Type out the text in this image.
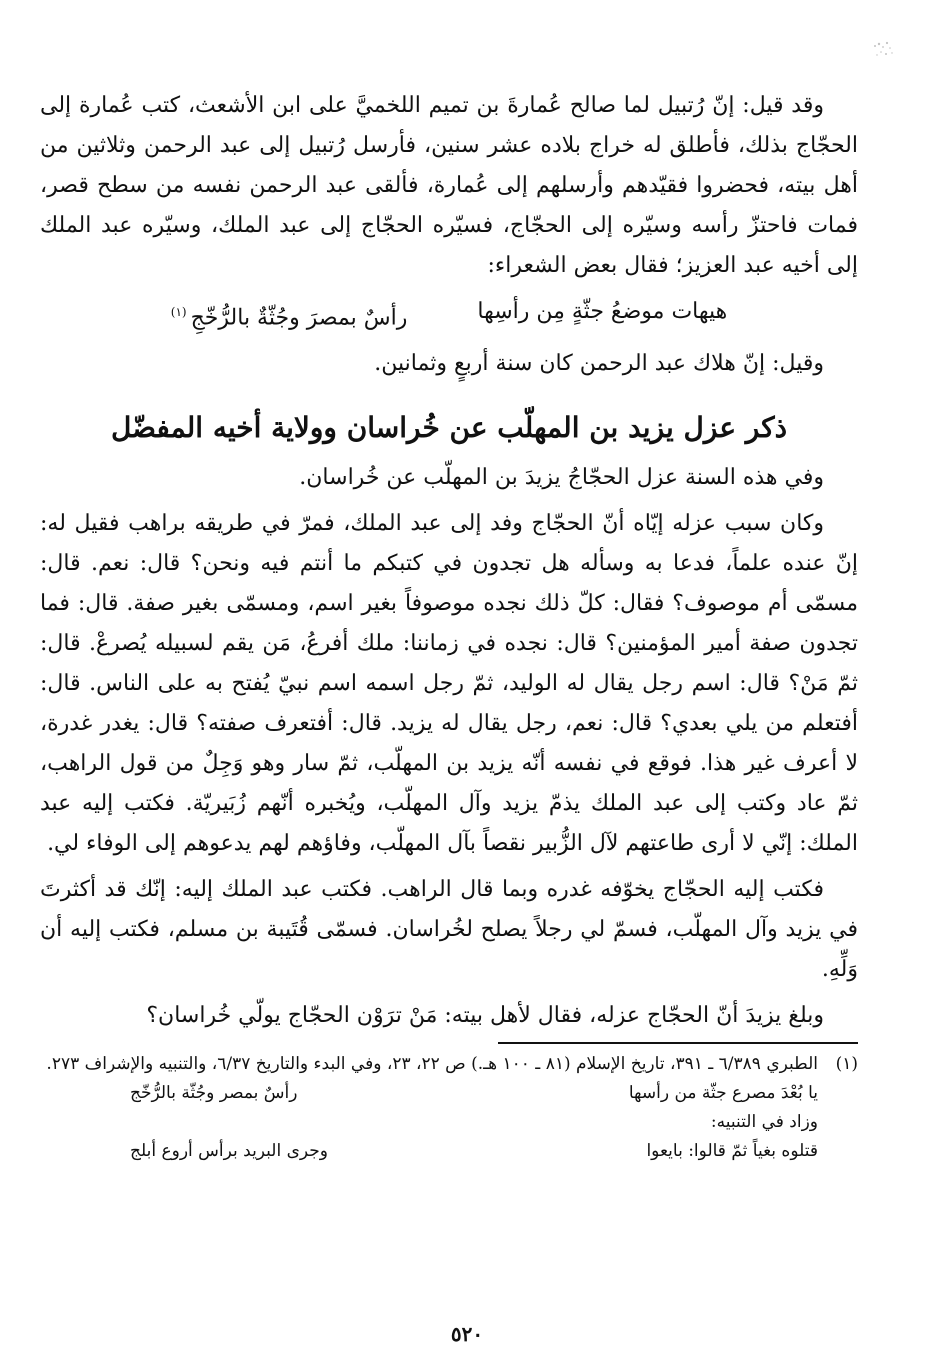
وقد قيل: إنّ رُتبيل لما صالح عُمارةَ بن تميم اللخميَّ على ابن الأشعث، كتب عُمارة إلى الحجّاج بذلك، فأطلق له خراج بلاده عشر سنين، فأرسل رُتبيل إلى عبد الرحمن وثلاثين من أهل بيته، فحضروا فقيّدهم وأرسلهم إلى عُمارة، فألقى عبد الرحمن نفسه من سطح قصر، فمات فاحتزّ رأسه وسيّره إلى الحجّاج، فسيّره الحجّاج إلى عبد الملك، وسيّره عبد الملك إلى أخيه عبد العزيز؛ فقال بعض الشعراء:

هيهات موضعُ جثّةٍ مِن رأسِها
رأسٌ بمصرَ وجُثّةٌ بالرُّخّجِ$^{(١)}$

وقيل: إنّ هلاك عبد الرحمن كان سنة أربعٍ وثمانين.

ذكر عزل يزيد بن المهلّب عن خُراسان وولاية أخيه المفضّل

وفي هذه السنة عزل الحجّاجُ يزيدَ بن المهلّب عن خُراسان.

وكان سبب عزله إيّاه أنّ الحجّاج وفد إلى عبد الملك، فمرّ في طريقه براهب فقيل له: إنّ عنده علماً، فدعا به وسأله هل تجدون في كتبكم ما أنتم فيه ونحن؟ قال: نعم. قال: مسمّى أم موصوف؟ فقال: كلّ ذلك نجده موصوفاً بغير اسم، ومسمّى بغير صفة. قال: فما تجدون صفة أمير المؤمنين؟ قال: نجده في زماننا: ملك أفرعُ، مَن يقم لسبيله يُصرعْ. قال: ثمّ مَنْ؟ قال: اسم رجل يقال له الوليد، ثمّ رجل اسمه اسم نبيّ يُفتح به على الناس. قال: أفتعلم من يلي بعدي؟ قال: نعم، رجل يقال له يزيد. قال: أفتعرف صفته؟ قال: يغدر غدرة، لا أعرف غير هذا. فوقع في نفسه أنّه يزيد بن المهلّب، ثمّ سار وهو وَجِلٌ من قول الراهب، ثمّ عاد وكتب إلى عبد الملك يذمّ يزيد وآل المهلّب، ويُخبره أنّهم زُبَيريّة. فكتب إليه عبد الملك: إنّي لا أرى طاعتهم لآل الزُّبير نقصاً بآل المهلّب، وفاؤهم لهم يدعوهم إلى الوفاء لي.

فكتب إليه الحجّاج يخوّفه غدره وبما قال الراهب. فكتب عبد الملك إليه: إنّك قد أكثرتَ في يزيد وآل المهلّب، فسمّ لي رجلاً يصلح لخُراسان. فسمّى قُتَيبة بن مسلم، فكتب إليه أن وَلِّهِ.

وبلغ يزيدَ أنّ الحجّاج عزله، فقال لأهل بيته: مَنْ ترَوْن الحجّاج يولّي خُراسان؟

(١)
الطبري ٦/٣٨٩ ـ ٣٩١، تاريخ الإسلام (٨١ ـ ١٠٠ هـ.) ص ٢٢، ٢٣، وفي البدء والتاريخ ٦/٣٧، والتنبيه والإشراف ٢٧٣.
يا بُعْدَ مصرع جثّة من رأسها
رأسٌ بمصر وجُثّة بالرُّخّج
وزاد في التنبيه:
قتلوه بغياً ثمّ قالوا: بايعوا
وجرى البريد برأس أروع أبلج
٥٢٠
